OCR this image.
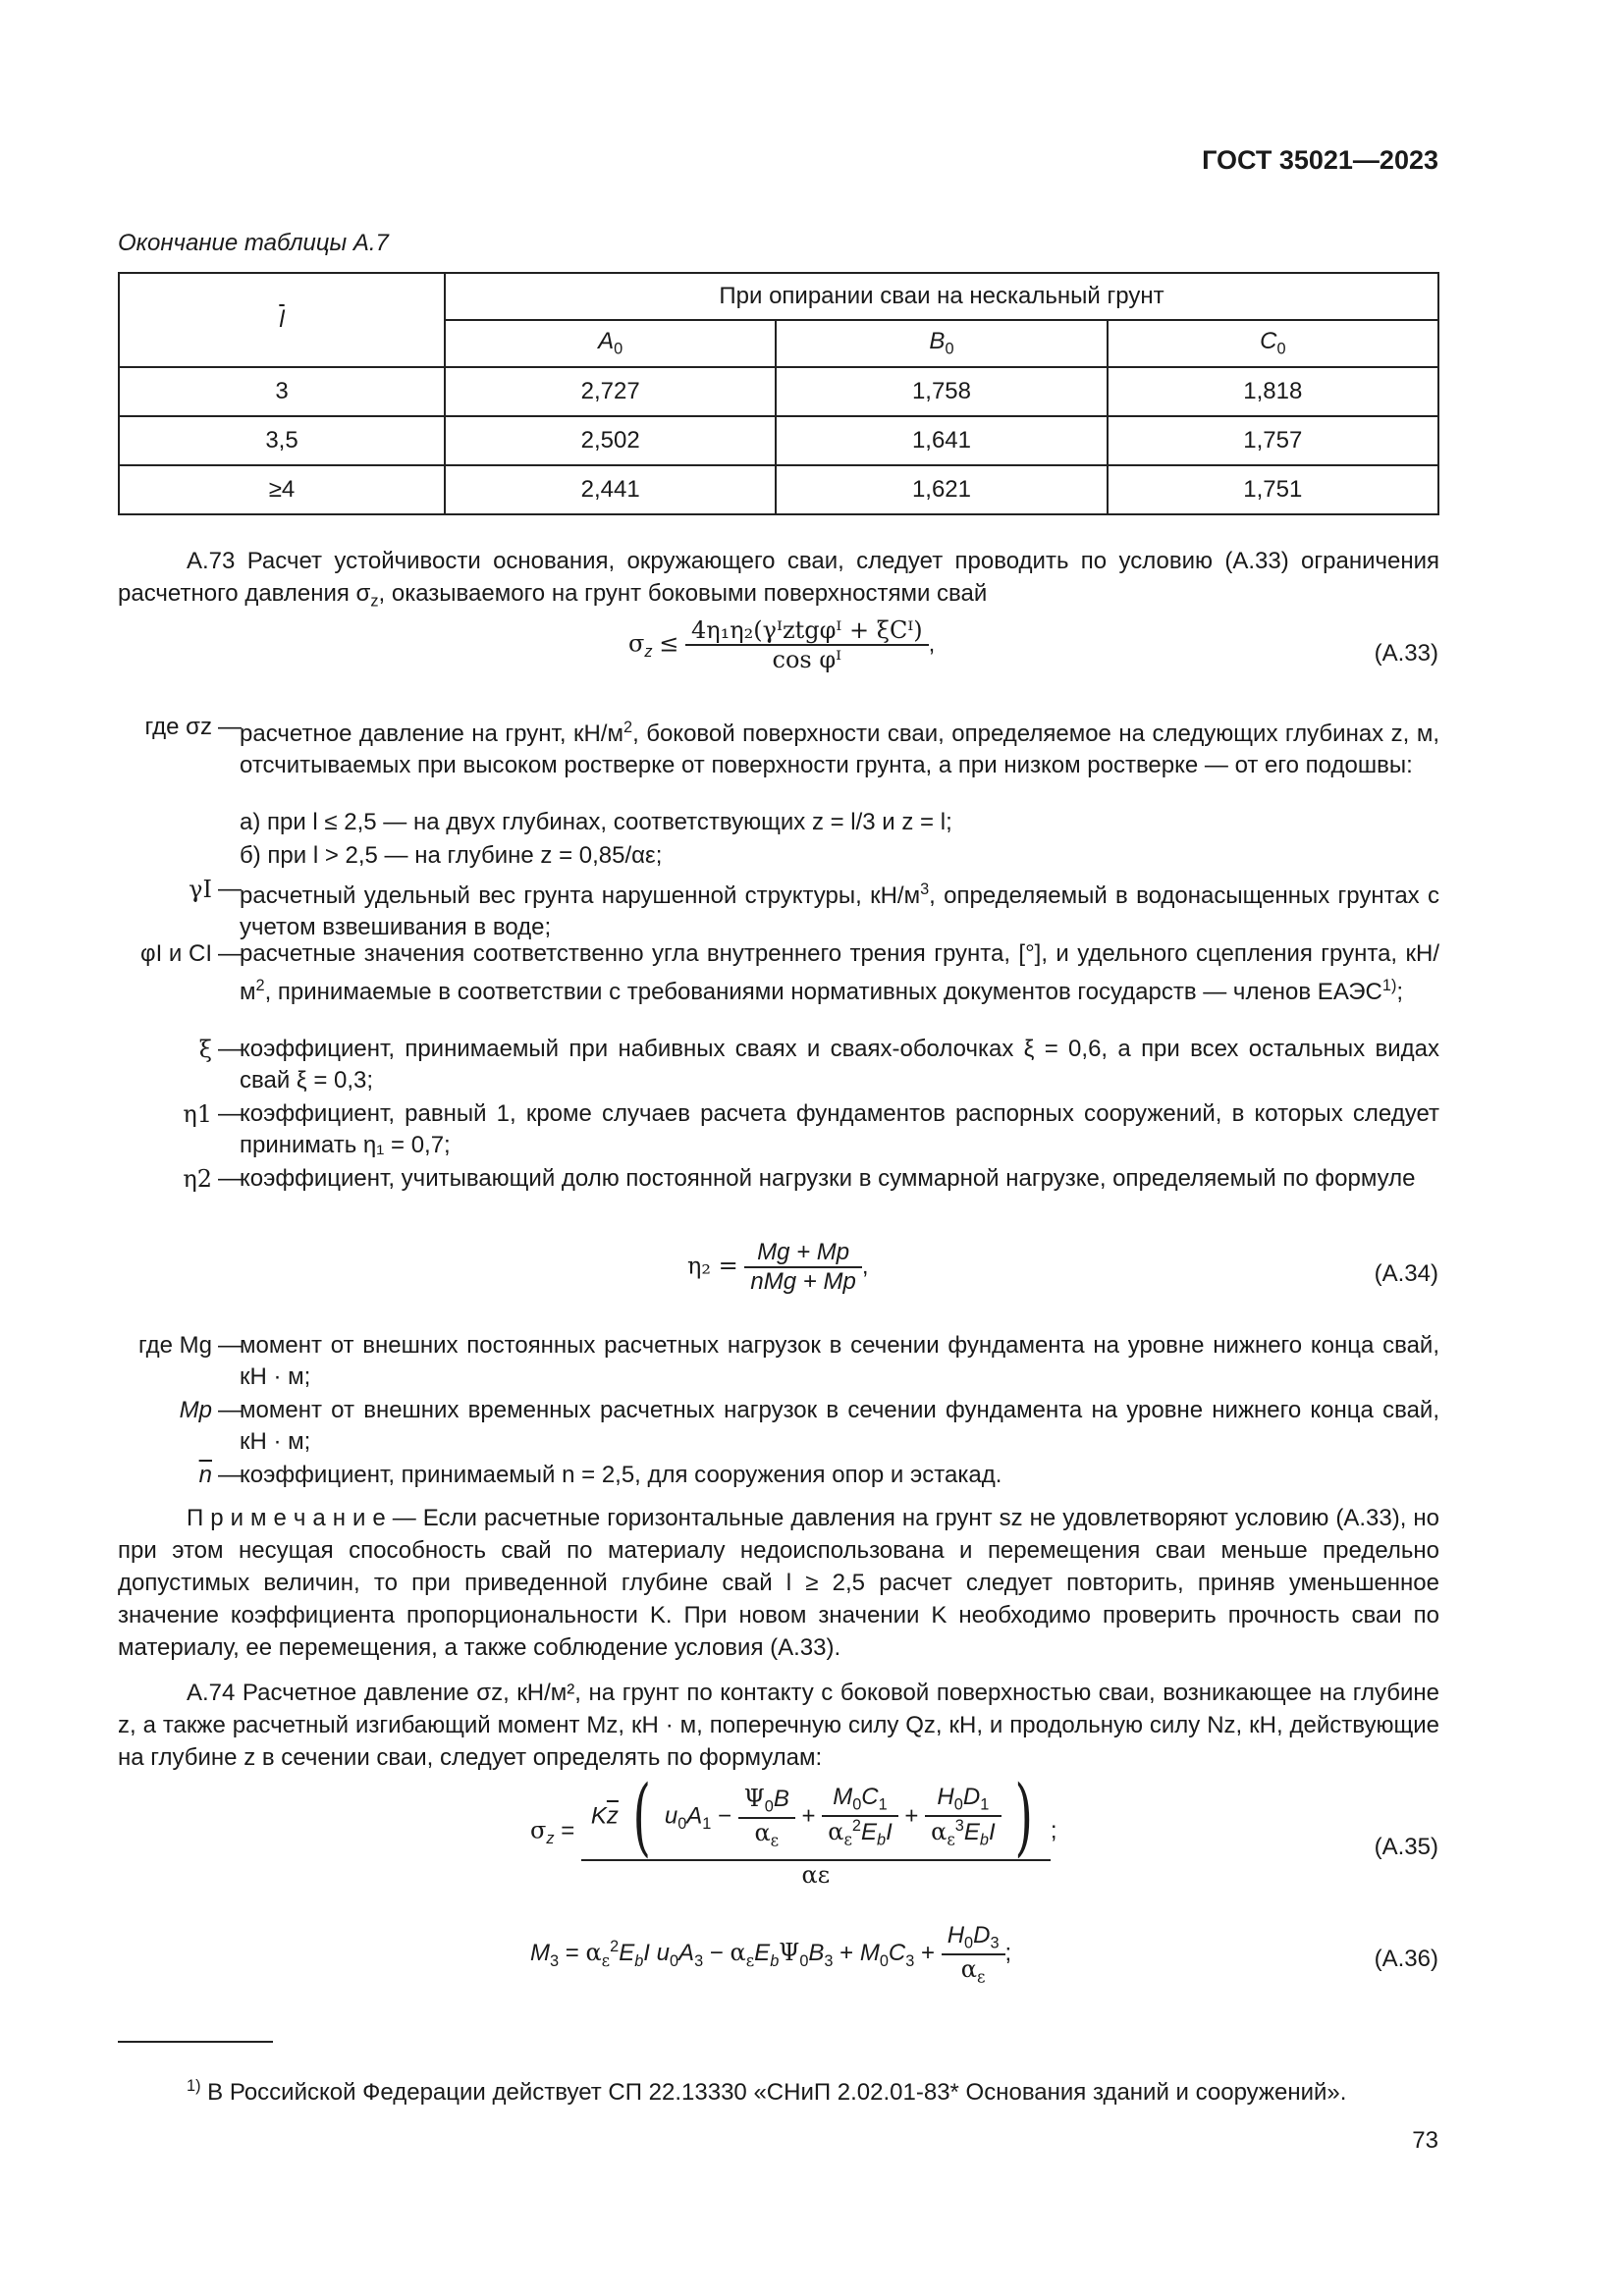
ГОСТ 35021—2023
Окончание таблицы А.7
$\overline{l}$	При опирании сваи на нескальный грунт		
	$A_0$	$B_0$	$C_0$
3	2,727	1,758	1,818
3,5	2,502	1,641	1,757
≥4	2,441	1,621	1,751
А.73 Расчет устойчивости основания, окружающего сваи, следует проводить по условию (А.33) ограничения расчетного давления $\sigma_z$, оказываемого на грунт боковыми поверхностями свай
$\sigma_z \le \frac{\text{4η₁η₂(γᴵztgφᴵ + ξCᴵ)}}{\text{cos φᴵ}}$ ,	(А.33)
где σz —
расчетное давление на грунт, $кН/м^2$, боковой поверхности сваи, определяемое на следующих глубинах z, м, отсчитываемых при высоком ростверке от поверхности грунта, а при низком ростверке — от его подошвы:
а) при l ≤ 2,5 — на двух глубинах, соответствующих z = l/3 и z = l;
б) при l > 2,5 — на глубине z = 0,85/αε;
γI —
расчетный удельный вес грунта нарушенной структуры, $кН/м^3$, определяемый в водонасыщенных грунтах с учетом взвешивания в воде;
φI и CI —
расчетные значения соответственно угла внутреннего трения грунта, [°], и удельного сцепления грунта, $кН/м^2$, принимаемые в соответствии с требованиями нормативных документов государств — членов ЕАЭС$^{1)}$;
ξ —
коэффициент, принимаемый при набивных сваях и сваях-оболочках ξ = 0,6, а при всех остальных видах свай ξ = 0,3;
η1 —
коэффициент, равный 1, кроме случаев расчета фундаментов распорных сооружений, в которых следует принимать η₁ = 0,7;
η2 —
коэффициент, учитывающий долю постоянной нагрузки в суммарной нагрузке, определяемый по формуле
$\eta_2 = \frac{Mg + Mp}{\text{nMg + Mp}}$ ,	(А.34)
где Mg —
момент от внешних постоянных расчетных нагрузок в сечении фундамента на уровне нижнего конца свай, кН · м;
Mp —
момент от внешних временных расчетных нагрузок в сечении фундамента на уровне нижнего конца свай, кН · м;
$\overline{n}$ —
коэффициент, принимаемый n = 2,5, для сооружения опор и эстакад.
П р и м е ч а н и е — Если расчетные горизонтальные давления на грунт sz не удовлетворяют условию (А.33), но при этом несущая способность свай по материалу недоиспользована и перемещения сваи меньше предельно допустимых величин, то при приведенной глубине свай l ≥ 2,5 расчет следует повторить, приняв уменьшенное значение коэффициента пропорциональности K. При новом значении K необходимо проверить прочность сваи по материалу, ее перемещения, а также соблюдение условия (А.33).
А.74 Расчетное давление σz, кН/м², на грунт по контакту с боковой поверхностью сваи, возникающее на глубине z, а также расчетный изгибающий момент Mz, кН · м, поперечную силу Qz, кН, и продольную силу Nz, кН, действующие на глубине z в сечении сваи, следует определять по формулам:
$\sigma_z$ =
$K\overline{z}$ ( $u_0A_1 - \frac{\Psi_0B}{\alpha_\varepsilon} + \frac{M_0C_1}{\alpha_\varepsilon^2E_bI} + \frac{H_0D_1}{\alpha_\varepsilon^3E_bI}$ )
αε
;
(А.35)
$M_3 = \alpha_\varepsilon^2E_bI$ $u_0A_3 - \alpha_\varepsilon E_b\Psi_0B_3 + M_0C_3 + \frac{H_0D_3}{\alpha_\varepsilon}$ ;	(А.36)
$^{1)}$ В Российской Федерации действует СП 22.13330 «СНиП 2.02.01-83* Основания зданий и сооружений».
73
